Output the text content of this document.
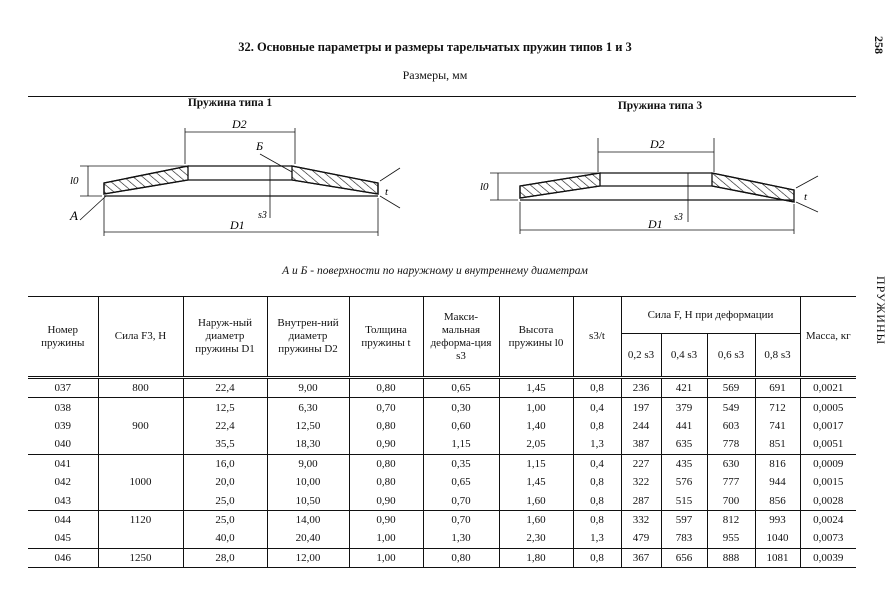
32. Основные параметры и размеры тарельчатых пружин типов 1 и 3
Размеры, мм
258
ПРУЖИНЫ
Пружина типа 1	Пружина типа 3
D2
D1
l0
t
s3
Б
A
D2
D1
l0
t
s3
А и Б - поверхности по наружному и внутреннему диаметрам
Номер пружины	Сила F3, Н	Наруж-ный диаметр пружины D1	Внутрен-ний диаметр пружины D2	Толщина пружины t	Макси-мальная деформа-ция s3	Высота пружины l0	s3/t	Сила F, Н при деформации				Масса, кг
								0,2 s3	0,4 s3	0,6 s3	0,8 s3	
037	800	22,4	9,00	0,80	0,65	1,45	0,8	236	421	569	691	0,0021
038		12,5	6,30	0,70	0,30	1,00	0,4	197	379	549	712	0,0005
039	900	22,4	12,50	0,80	0,60	1,40	0,8	244	441	603	741	0,0017
040		35,5	18,30	0,90	1,15	2,05	1,3	387	635	778	851	0,0051
041		16,0	9,00	0,80	0,35	1,15	0,4	227	435	630	816	0,0009
042	1000	20,0	10,00	0,80	0,65	1,45	0,8	322	576	777	944	0,0015
043		25,0	10,50	0,90	0,70	1,60	0,8	287	515	700	856	0,0028
044	1120	25,0	14,00	0,90	0,70	1,60	0,8	332	597	812	993	0,0024
045		40,0	20,40	1,00	1,30	2,30	1,3	479	783	955	1040	0,0073
046	1250	28,0	12,00	1,00	0,80	1,80	0,8	367	656	888	1081	0,0039
